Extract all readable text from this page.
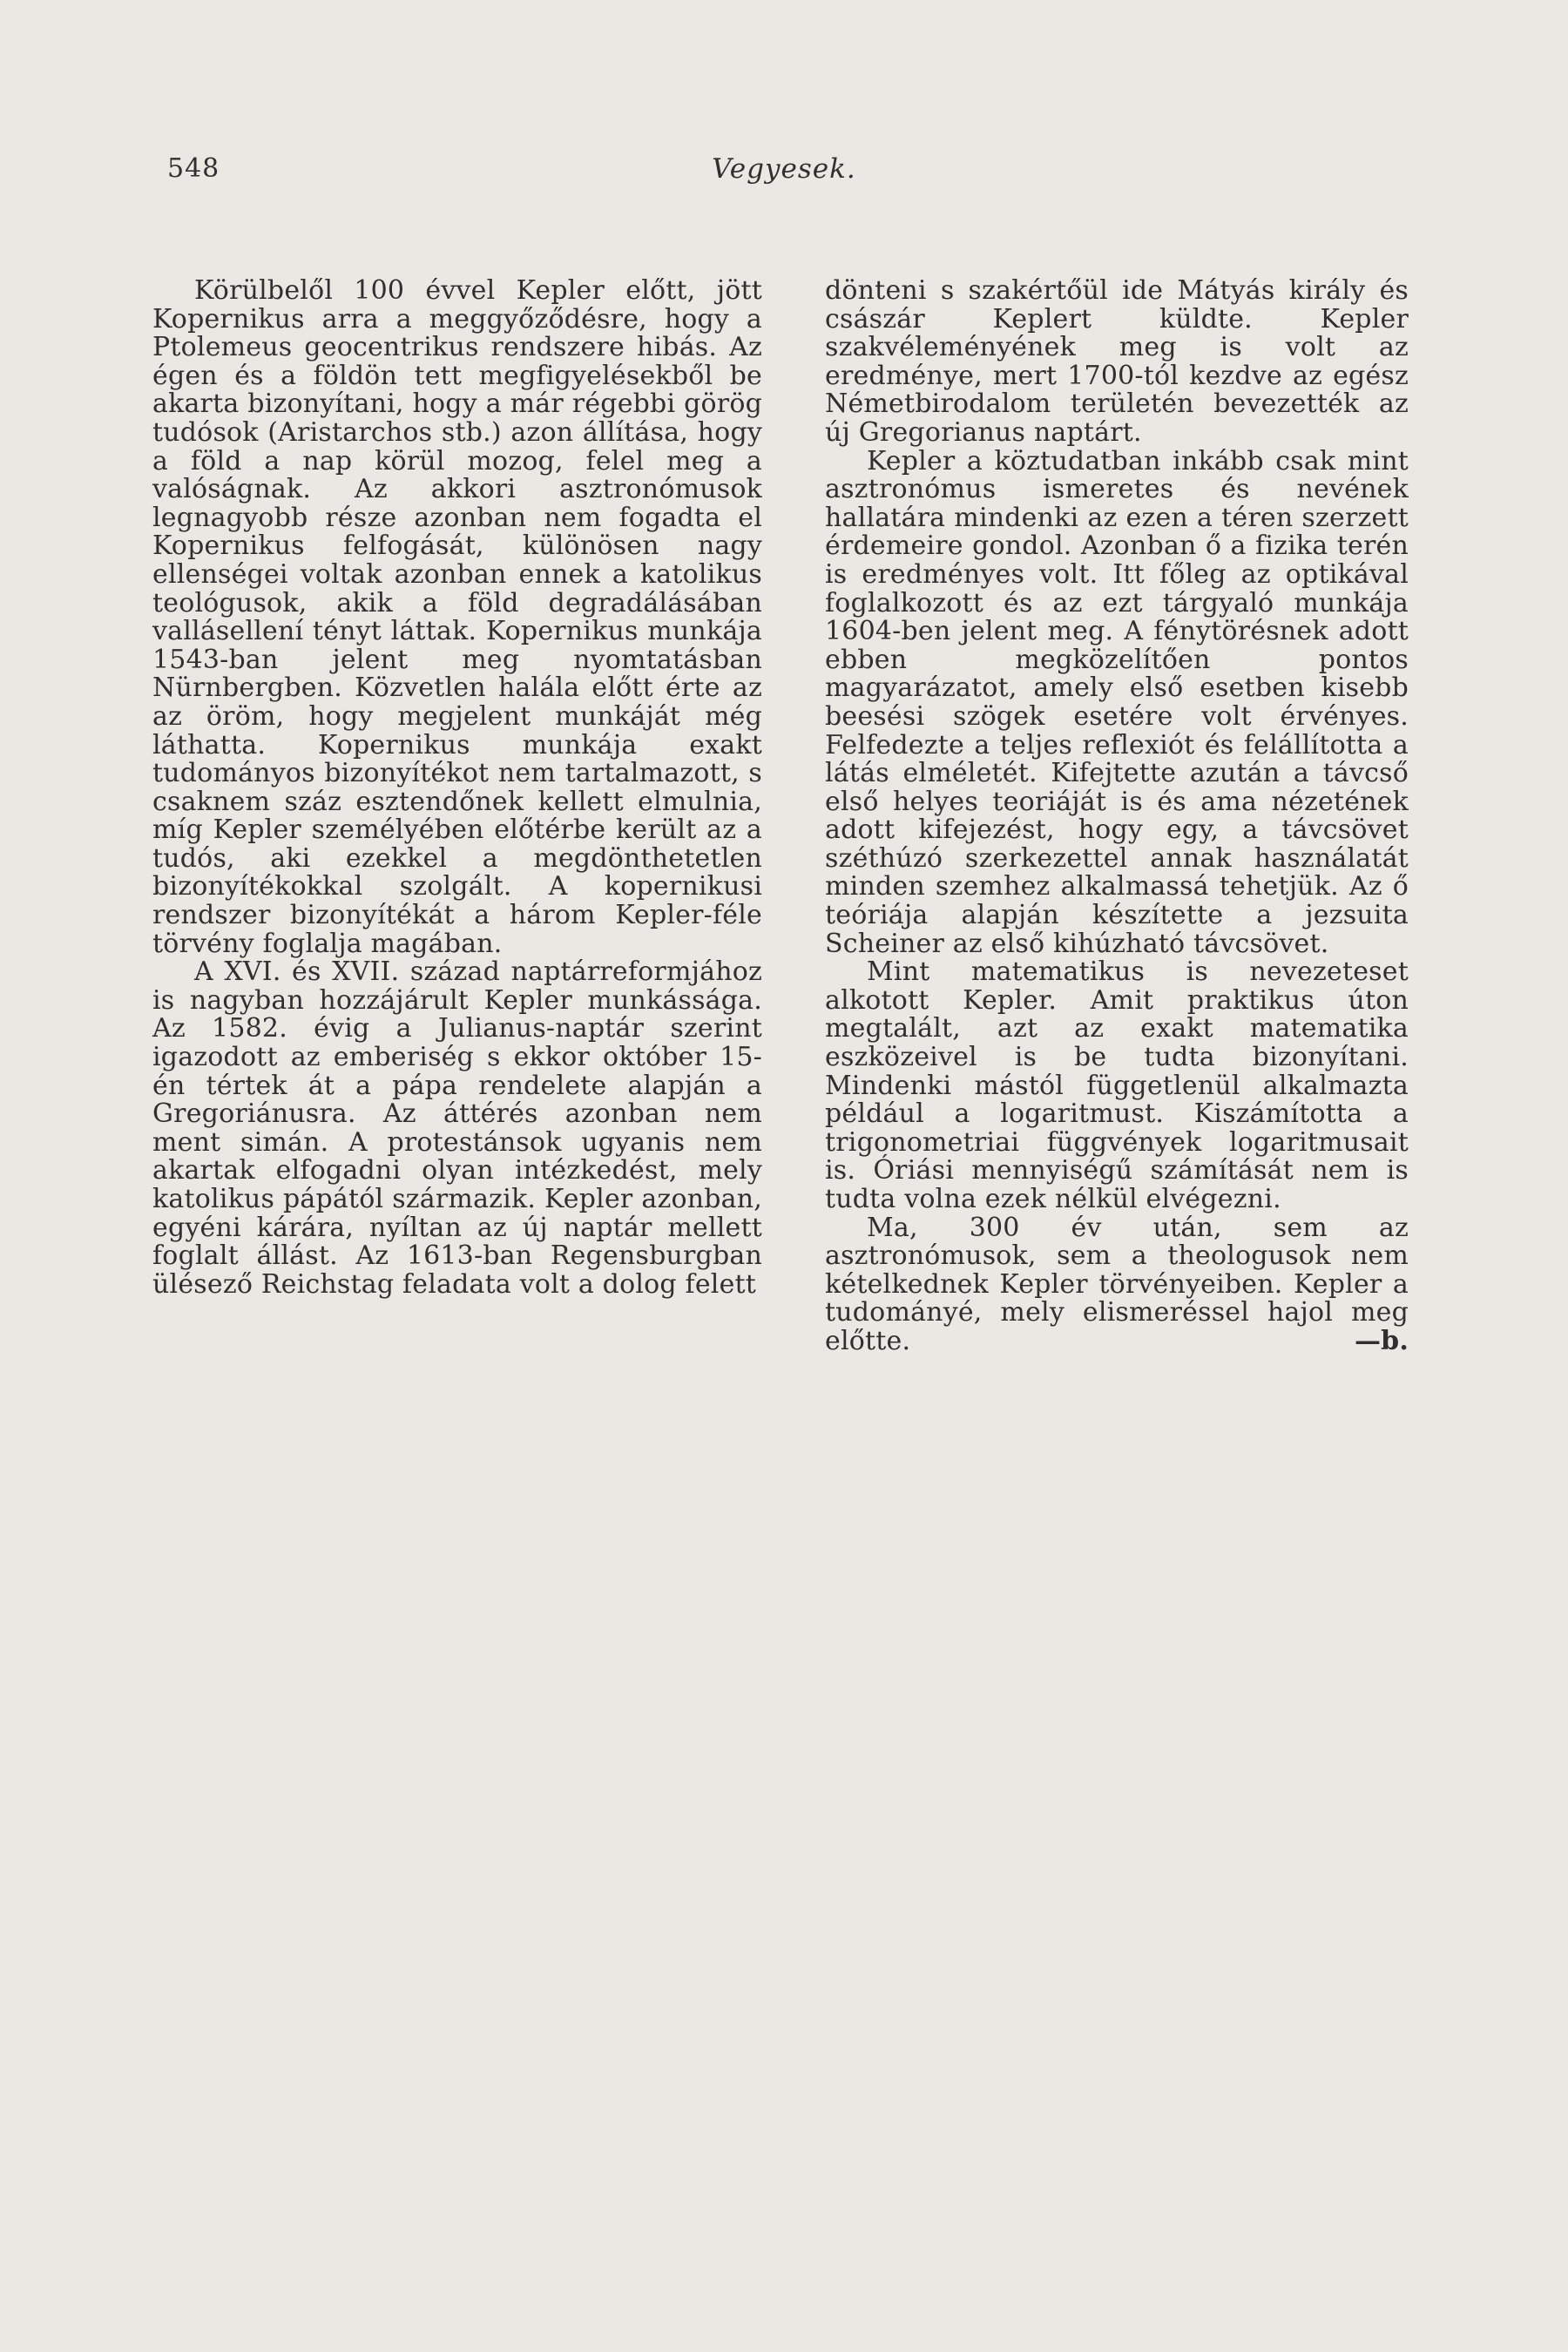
548	Vegyesek.

Körülbelől 100 évvel Kepler előtt, jött Kopernikus arra a meggyőződésre, hogy a Ptolemeus geocentrikus rendszere hibás. Az égen és a földön tett megfigyelésekből be akarta bizonyítani, hogy a már régebbi görög tudósok (Aristarchos stb.) azon állítása, hogy a föld a nap körül mozog, felel meg a valóságnak. Az akkori asztronómusok legnagyobb része azonban nem fogadta el Kopernikus felfogását, különösen nagy ellenségei voltak azonban ennek a katolikus teológusok, akik a föld degradálásában vallásellení tényt láttak. Kopernikus munkája 1543-ban jelent meg nyomtatásban Nürnbergben. Közvetlen halála előtt érte az az öröm, hogy megjelent munkáját még láthatta. Kopernikus munkája exakt tudományos bizonyítékot nem tartalmazott, s csaknem száz esztendőnek kellett elmulnia, míg Kepler személyében előtérbe került az a tudós, aki ezekkel a megdönthetetlen bizonyítékokkal szolgált. A kopernikusi rendszer bizonyítékát a három Kepler-féle törvény foglalja magában.

A XVI. és XVII. század naptárreformjához is nagyban hozzájárult Kepler munkássága. Az 1582. évig a Julianus-naptár szerint igazodott az emberiség s ekkor október 15-én tértek át a pápa rendelete alapján a Gregoriánusra. Az áttérés azonban nem ment simán. A protestánsok ugyanis nem akartak elfogadni olyan intézkedést, mely katolikus pápától származik. Kepler azonban, egyéni kárára, nyíltan az új naptár mellett foglalt állást. Az 1613-ban Regensburgban ülésező Reichstag feladata volt a dolog felett

dönteni s szakértőül ide Mátyás király és császár Keplert küldte. Kepler szakvéleményének meg is volt az eredménye, mert 1700-tól kezdve az egész Németbirodalom területén bevezették az új Gregorianus naptárt.

Kepler a köztudatban inkább csak mint asztronómus ismeretes és nevének hallatára mindenki az ezen a téren szerzett érdemeire gondol. Azonban ő a fizika terén is eredményes volt. Itt főleg az optikával foglalkozott és az ezt tárgyaló munkája 1604-ben jelent meg. A fénytörésnek adott ebben megközelítően pontos magyarázatot, amely első esetben kisebb beesési szögek esetére volt érvényes. Felfedezte a teljes reflexiót és felállította a látás elméletét. Kifejtette azután a távcső első helyes teoriáját is és ama nézetének adott kifejezést, hogy egy, a távcsövet széthúzó szerkezettel annak használatát minden szemhez alkalmassá tehetjük. Az ő teóriája alapján készítette a jezsuita Scheiner az első kihúzható távcsövet.

Mint matematikus is nevezeteset alkotott Kepler. Amit praktikus úton megtalált, azt az exakt matematika eszközeivel is be tudta bizonyítani. Mindenki mástól függetlenül alkalmazta például a logaritmust. Kiszámította a trigonometriai függvények logaritmusait is. Óriási mennyiségű számítását nem is tudta volna ezek nélkül elvégezni.

Ma, 300 év után, sem az asztronómusok, sem a theologusok nem kételkednek Kepler törvényeiben. Kepler a tudományé, mely elismeréssel hajol meg előtte.	—b.
